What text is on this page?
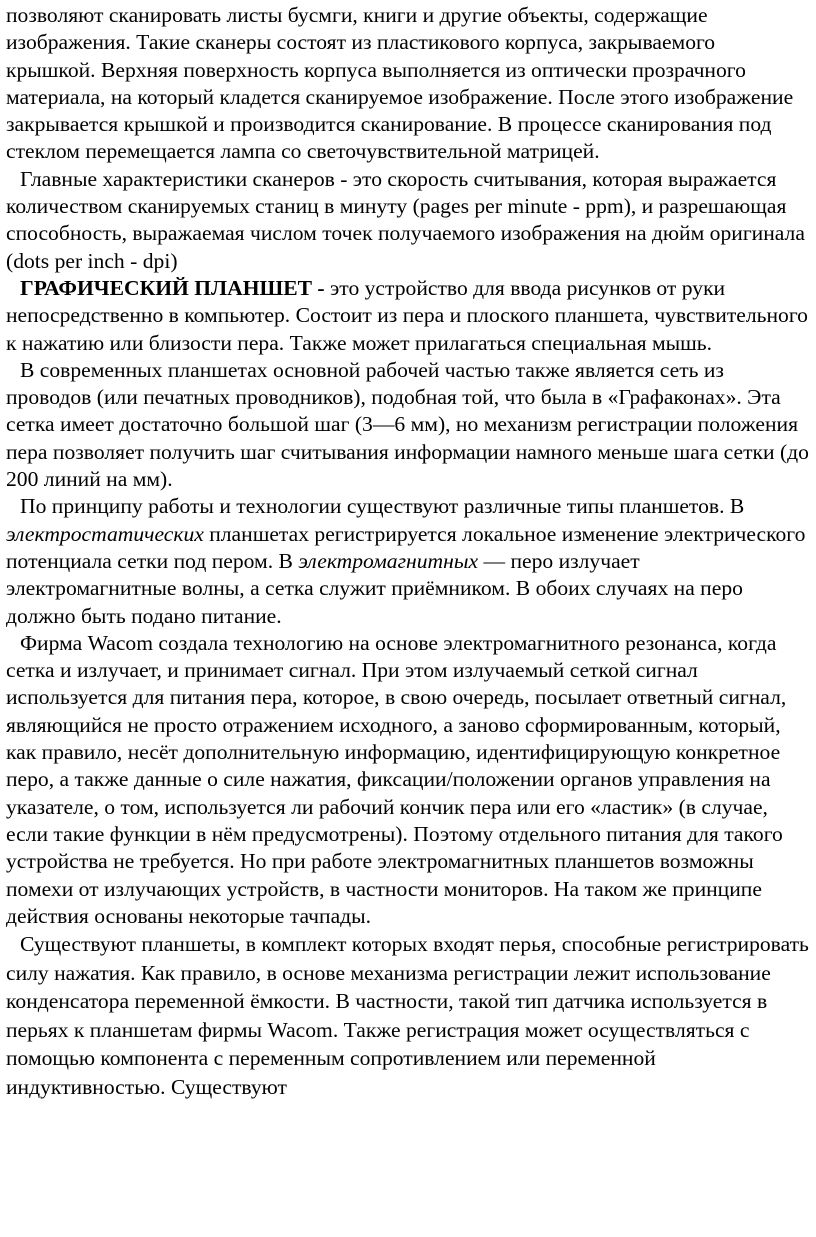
позволяют сканировать листы бусмги, книги и другие объекты, содержащие изображения. Такие сканеры состоят из пластикового корпуса, закрываемого крышкой. Верхняя поверхность корпуса выполняется из оптически прозрачного материала, на который кладется сканируемое изображение. После этого изображение закрывается крышкой и производится сканирование. В процессе сканирования под стеклом перемещается лампа со светочувствительной матрицей.

Главные характеристики сканеров - это скорость считывания, которая выражается количеством сканируемых станиц в минуту (pages per minute - ppm), и разрешающая способность, выражаемая числом точек получаемого изображения на дюйм оригинала (dots per inch - dpi)

ГРАФИЧЕСКИЙ ПЛАНШЕТ - это устройство для ввода рисунков от руки непосредственно в компьютер. Состоит из пера и плоского планшета, чувствительного к нажатию или близости пера. Также может прилагаться специальная мышь.

В современных планшетах основной рабочей частью также является сеть из проводов (или печатных проводников), подобная той, что была в «Графаконах». Эта сетка имеет достаточно большой шаг (3—6 мм), но механизм регистрации положения пера позволяет получить шаг считывания информации намного меньше шага сетки (до 200 линий на мм).

По принципу работы и технологии существуют различные типы планшетов. В электростатических планшетах регистрируется локальное изменение электрического потенциала сетки под пером. В электромагнитных — перо излучает электромагнитные волны, а сетка служит приёмником. В обоих случаях на перо должно быть подано питание.

Фирма Wacom создала технологию на основе электромагнитного резонанса, когда сетка и излучает, и принимает сигнал. При этом излучаемый сеткой сигнал используется для питания пера, которое, в свою очередь, посылает ответный сигнал, являющийся не просто отражением исходного, а заново сформированным, который, как правило, несёт дополнительную информацию, идентифицирующую конкретное перо, а также данные о силе нажатия, фиксации/положении органов управления на указателе, о том, используется ли рабочий кончик пера или его «ластик» (в случае, если такие функции в нём предусмотрены). Поэтому отдельного питания для такого устройства не требуется. Но при работе электромагнитных планшетов возможны помехи от излучающих устройств, в частности мониторов. На таком же принципе действия основаны некоторые тачпады.

Существуют планшеты, в комплект которых входят перья, способные регистрировать силу нажатия. Как правило, в основе механизма регистрации лежит использование конденсатора переменной ёмкости. В частности, такой тип датчика используется в перьях к планшетам фирмы Wacom. Также регистрация может осуществляться с помощью компонента с переменным сопротивлением или переменной индуктивностью. Существуют
